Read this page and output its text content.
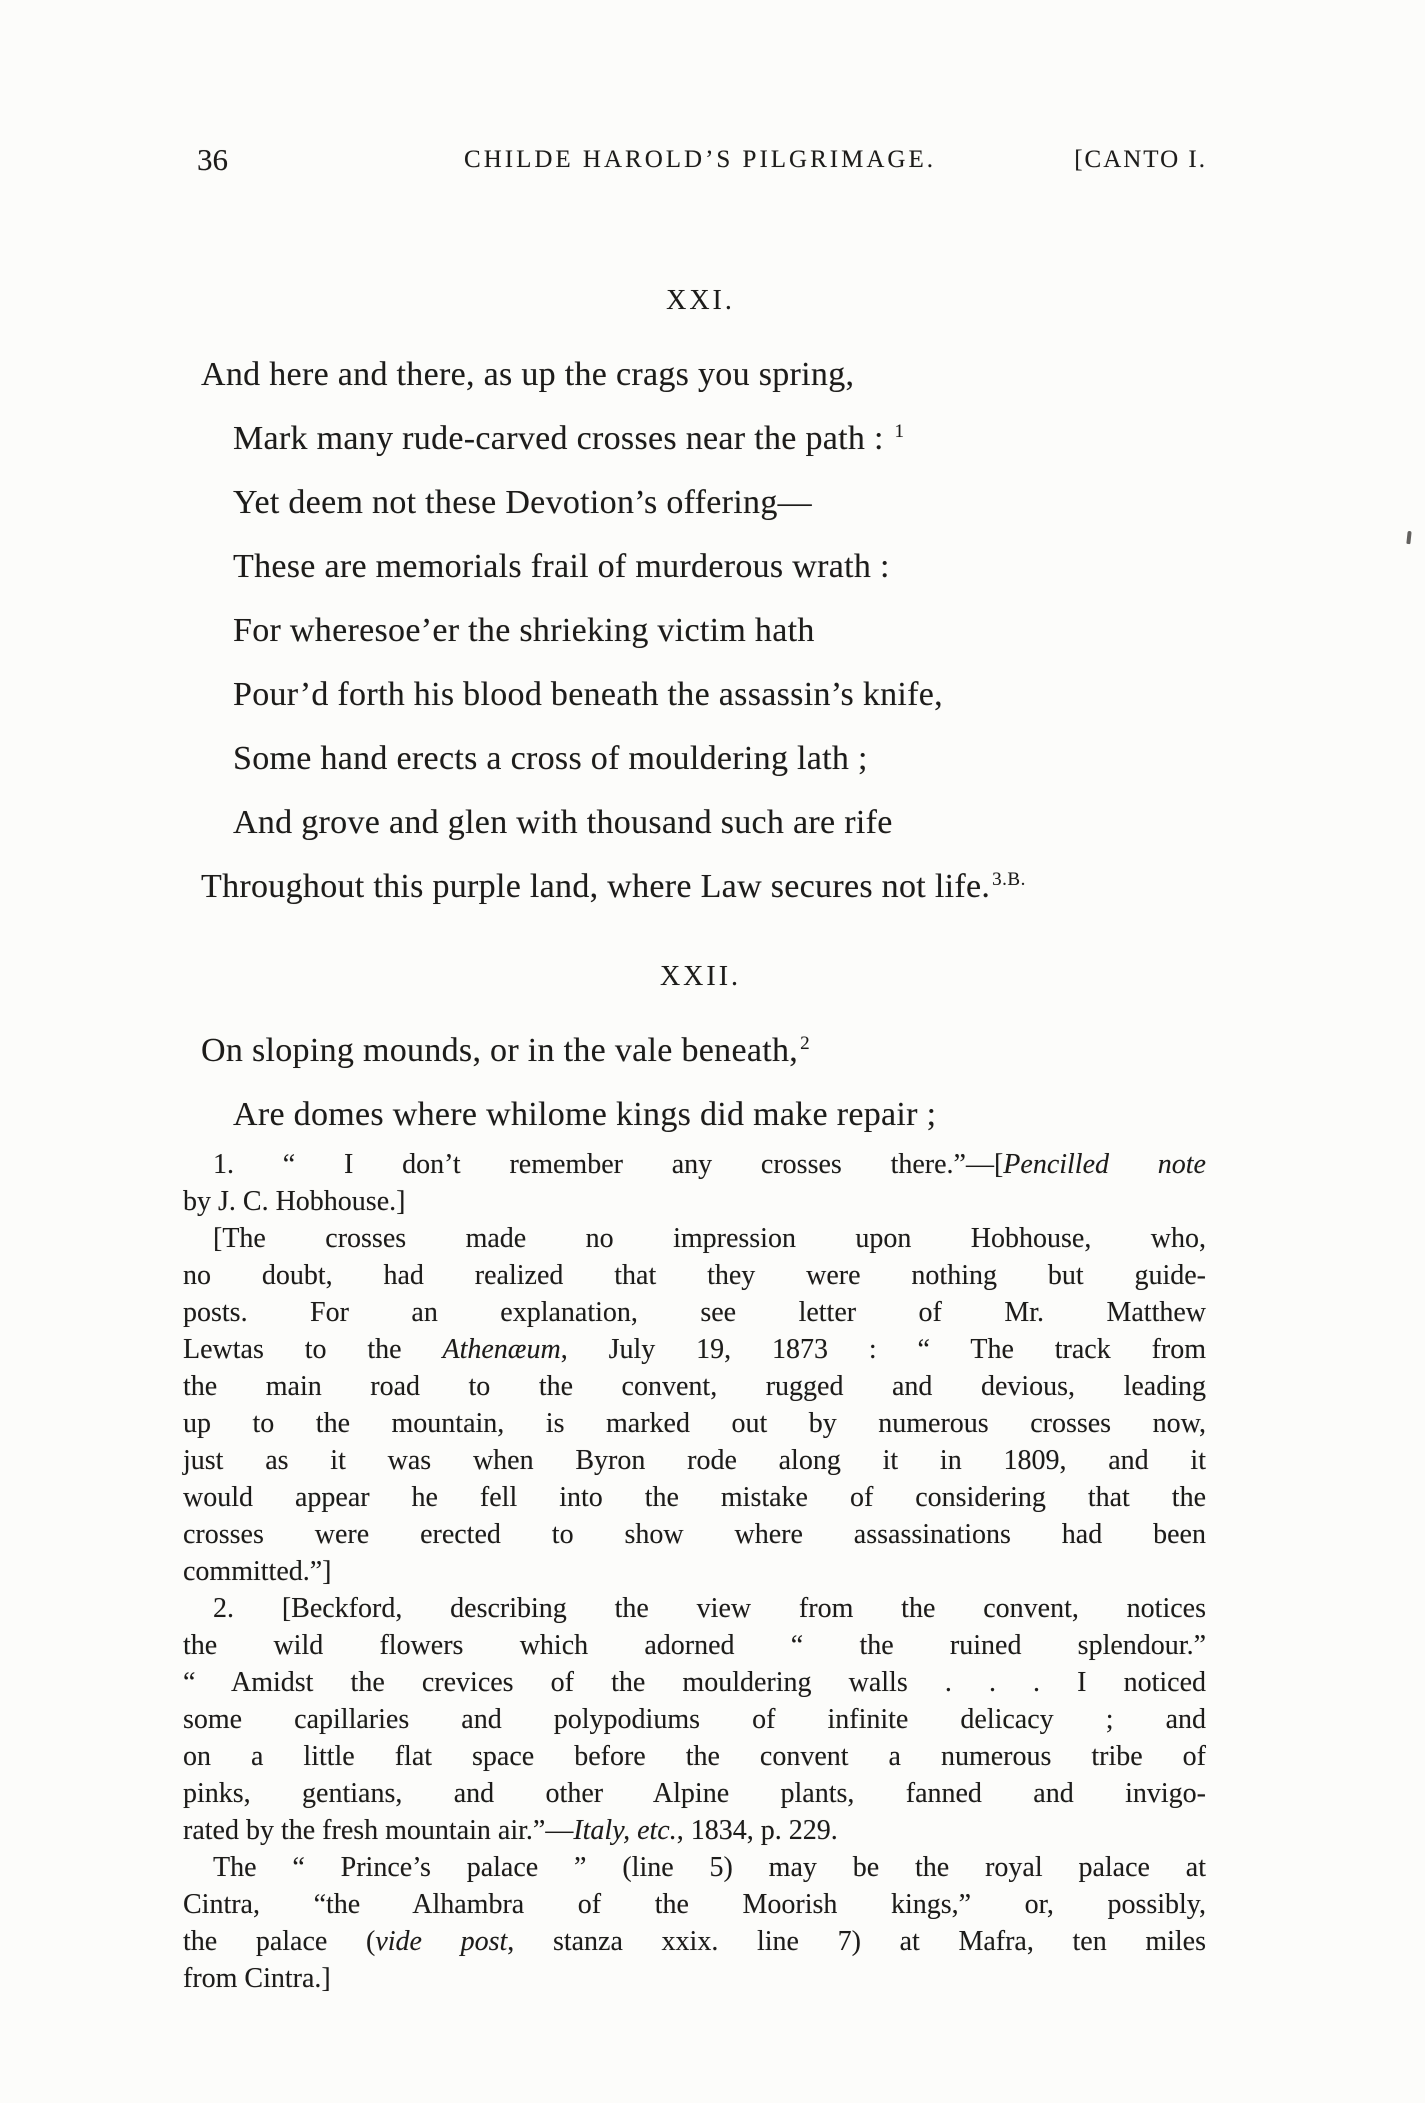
36	CHILDE HAROLD’S PILGRIMAGE.	[CANTO I.
XXI.
And here and there, as up the crags you spring,
Mark many rude-carved crosses near the path : $^1$
Yet deem not these Devotion’s offering—
These are memorials frail of murderous wrath :
For wheresoe’er the shrieking victim hath
Pour’d forth his blood beneath the assassin’s knife,
Some hand erects a cross of mouldering lath ;
And grove and glen with thousand such are rife
Throughout this purple land, where Law secures not life. $^{3.B.}$
XXII.
On sloping mounds, or in the vale beneath, $^2$
Are domes where whilome kings did make repair ;
1. “ I don’t remember any crosses there.”—[Pencilled note
by J. C. Hobhouse.]
[The crosses made no impression upon Hobhouse, who,
no doubt, had realized that they were nothing but guide-
posts. For an explanation, see letter of Mr. Matthew
Lewtas to the Athenæum, July 19, 1873 : “ The track from
the main road to the convent, rugged and devious, leading
up to the mountain, is marked out by numerous crosses now,
just as it was when Byron rode along it in 1809, and it
would appear he fell into the mistake of considering that the
crosses were erected to show where assassinations had been
committed.”]
2. [Beckford, describing the view from the convent, notices
the wild flowers which adorned “ the ruined splendour.”
“ Amidst the crevices of the mouldering walls . . . I noticed
some capillaries and polypodiums of infinite delicacy ; and
on a little flat space before the convent a numerous tribe of
pinks, gentians, and other Alpine plants, fanned and invigo-
rated by the fresh mountain air.”—Italy, etc., 1834, p. 229.
The “ Prince’s palace ” (line 5) may be the royal palace at
Cintra, “the Alhambra of the Moorish kings,” or, possibly,
the palace (vide post, stanza xxix. line 7) at Mafra, ten miles
from Cintra.]
